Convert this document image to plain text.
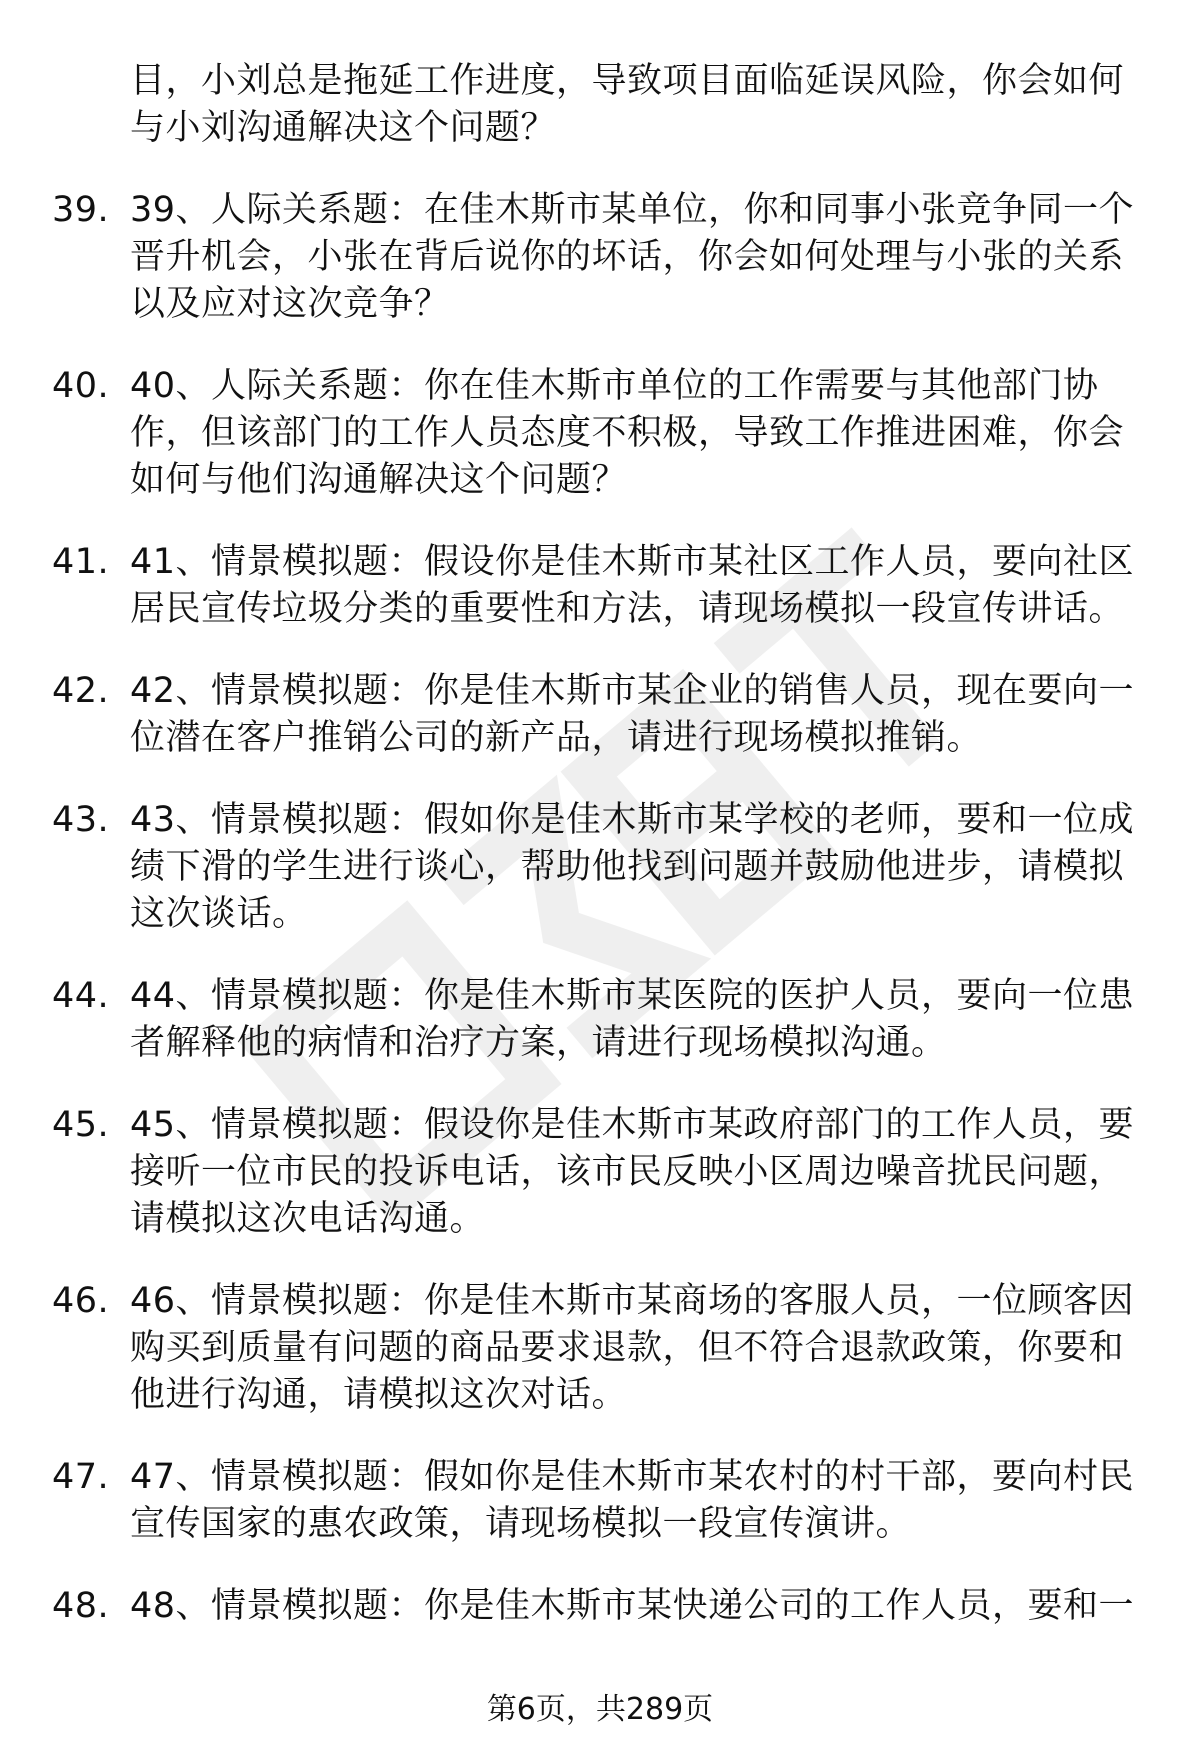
目，小刘总是拖延工作进度，导致项目面临延误风险，你会如何与小刘沟通解决这个问题？
39. 39、人际关系题：在佳木斯市某单位，你和同事小张竞争同一个晋升机会，小张在背后说你的坏话，你会如何处理与小张的关系以及应对这次竞争？
40. 40、人际关系题：你在佳木斯市单位的工作需要与其他部门协作，但该部门的工作人员态度不积极，导致工作推进困难，你会如何与他们沟通解决这个问题？
41. 41、情景模拟题：假设你是佳木斯市某社区工作人员，要向社区居民宣传垃圾分类的重要性和方法，请现场模拟一段宣传讲话。
42. 42、情景模拟题：你是佳木斯市某企业的销售人员，现在要向一位潜在客户推销公司的新产品，请进行现场模拟推销。
43. 43、情景模拟题：假如你是佳木斯市某学校的老师，要和一位成绩下滑的学生进行谈心，帮助他找到问题并鼓励他进步，请模拟这次谈话。
44. 44、情景模拟题：你是佳木斯市某医院的医护人员，要向一位患者解释他的病情和治疗方案，请进行现场模拟沟通。
45. 45、情景模拟题：假设你是佳木斯市某政府部门的工作人员，要接听一位市民的投诉电话，该市民反映小区周边噪音扰民问题，请模拟这次电话沟通。
46. 46、情景模拟题：你是佳木斯市某商场的客服人员，一位顾客因购买到质量有问题的商品要求退款，但不符合退款政策，你要和他进行沟通，请模拟这次对话。
47. 47、情景模拟题：假如你是佳木斯市某农村的村干部，要向村民宣传国家的惠农政策，请现场模拟一段宣传演讲。
48. 48、情景模拟题：你是佳木斯市某快递公司的工作人员，要和一
第6页，共289页
